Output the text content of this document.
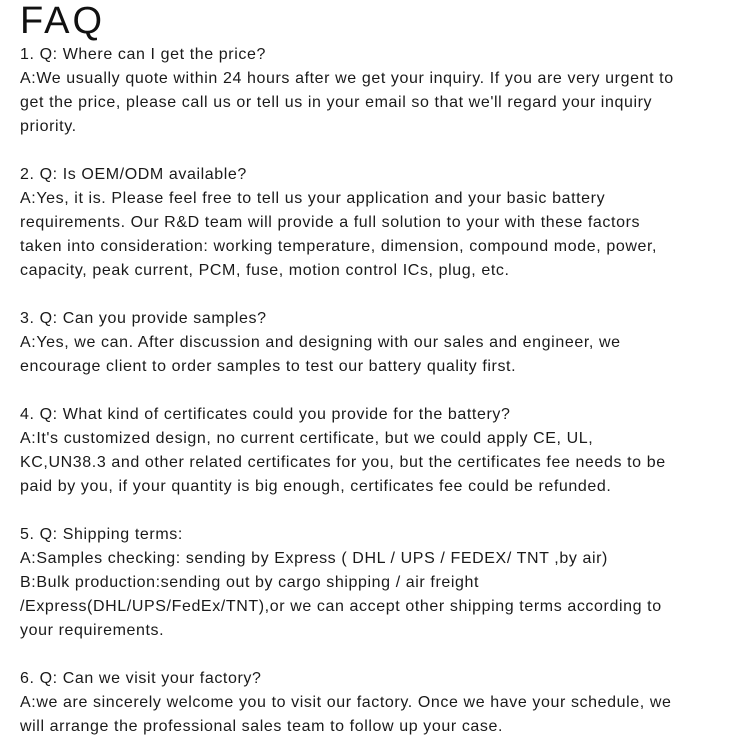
FAQ
1. Q: Where can I get the price?
A:We usually quote within 24 hours after we get your inquiry. If you are very urgent to
get the price, please call us or tell us in your email so that we'll regard your inquiry
priority.
2. Q: Is OEM/ODM available?
A:Yes, it is. Please feel free to tell us your application and your basic battery
requirements. Our R&D team will provide a full solution to your with these factors
taken into consideration: working temperature, dimension, compound mode, power,
capacity, peak current, PCM, fuse, motion control ICs, plug, etc.
3. Q: Can you provide samples?
A:Yes, we can. After discussion and designing with our sales and engineer, we
encourage client to order samples to test our battery quality first.
4. Q: What kind of certificates could you provide for the battery?
A:It's customized design, no current certificate, but we could apply CE, UL,
KC,UN38.3 and other related certificates for you, but the certificates fee needs to be
paid by you, if your quantity is big enough, certificates fee could be refunded.
5. Q: Shipping terms:
A:Samples checking: sending by Express ( DHL / UPS / FEDEX/ TNT ,by air)
B:Bulk production:sending out by cargo shipping / air freight
/Express(DHL/UPS/FedEx/TNT),or we can accept other shipping terms according to
your requirements.
6. Q: Can we visit your factory?
A:we are sincerely welcome you to visit our factory. Once we have your schedule, we
will arrange the professional sales team to follow up your case.
